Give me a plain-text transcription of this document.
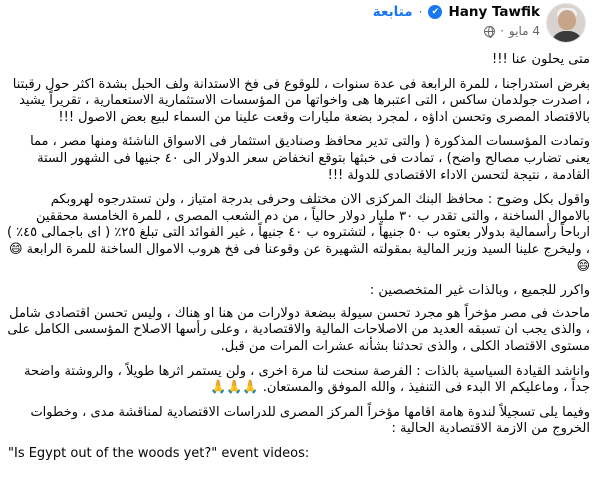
متابعة ·	✔ Hany Tawfik
· 4 مايو

متى يحلون عنا !!!

بغرض استدراجنا ، للمرة الرابعة فى عدة سنوات ، للوقوع فى فخ الاستدانة ولف الحبل بشدة اكثر حول رقبتنا ، اصدرت جولدمان ساكس ، التى اعتبرها هى واخواتها من المؤسسات الاستثمارية الاستعمارية ، تقريراً يشيد بالاقتصاد المصرى وتحسن اداؤه ، لمجرد بضعة مليارات وقعت علينا من السماء لبيع بعض الاصول !!!

وتمادت المؤسسات المذكورة ( والتى تدير محافظ وصناديق استثمار فى الاسواق الناشئة ومنها مصر ، مما يعنى تضارب مصالح واضح) ، تمادت فى خبثها بتوقع انخفاض سعر الدولار الى ٤٠ جنيها فى الشهور الستة القادمة ، نتيجة لتحسن الاداء الاقتصادى للدولة !!!

واقول بكل وضوح : محافظ البنك المركزى الان مختلف وحرفى بدرجة امتياز ، ولن تستدرجوه لهروبكم بالاموال الساخنة ، والتى تقدر ب ٣٠ مليار دولار حالياً ، من دم الشعب المصرى ، للمرة الخامسة محققين ارباحاً رأسمالية بدولار بعتوه ب ٥٠ جنيهاً ، لتشتروه ب ٤٠ جنيهاً ، غير الفوائد التى تبلغ ٢٥٪ ( اى باجمالى ٤٥٪ ) ، وليخرج علينا السيد وزير المالية بمقولته الشهيرة عن وقوعنا فى فخ هروب الاموال الساخنة للمرة الرابعة 😄 😄

واكرر للجميع ، وبالذات غير المتخصصين :

ماحدث فى مصر مؤخراً هو مجرد تحسن سيولة ببضعة دولارات من هنا او هناك ، وليس تحسن اقتصادى شامل ، والذى يجب ان تسبقه العديد من الاصلاحات المالية والاقتصادية ، وعلى رأسها الاصلاح المؤسسى الكامل على مستوى الاقتصاد الكلى ، والذى تحدثنا بشأنه عشرات المرات من قبل.

واناشد القيادة السياسية بالذات : الفرصة سنحت لنا مرة اخرى ، ولن يستمر اثرها طويلاً ، والروشتة واضحة جداً ، وماعليكم الا البدء فى التنفيذ ، والله الموفق والمستعان. 🙏🙏🙏

وفيما يلى تسجيلاً لندوة هامة اقامها مؤخراً المركز المصرى للدراسات الاقتصادية لمناقشة مدى ، وخطوات الخروج من الازمة الاقتصادية الحالية :

"Is Egypt out of the woods yet?" event videos:
